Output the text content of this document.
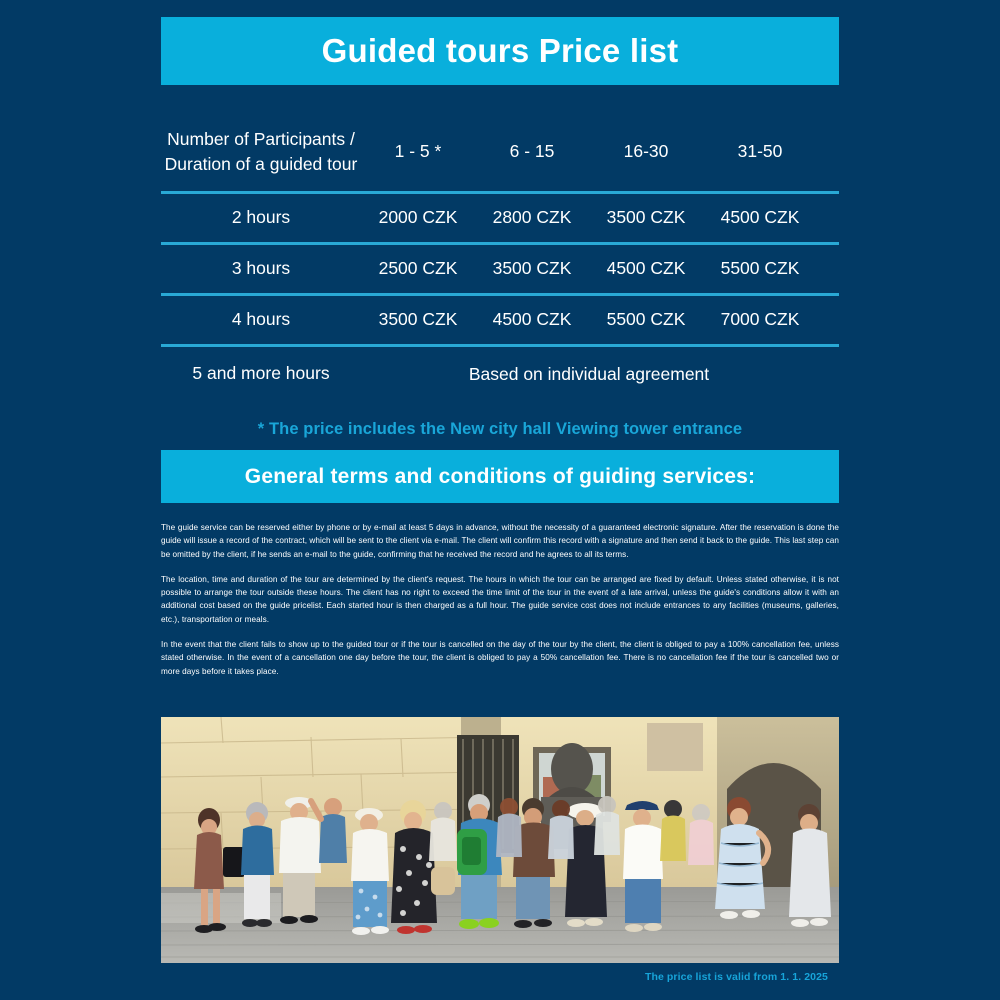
Guided tours Price list
Number of Participants / Duration of a guided tour
1 - 5 *	6 - 15	16-30	31-50
2 hours	2000 CZK	2800 CZK	3500 CZK	4500 CZK
3 hours	2500 CZK	3500 CZK	4500 CZK	5500 CZK
4 hours	3500 CZK	4500 CZK	5500 CZK	7000 CZK
5 and more hours	Based on individual agreement
* The price includes the New city hall Viewing tower entrance
General terms and conditions of guiding services:

The guide service can be reserved either by phone or by e-mail at least 5 days in advance, without the necessity of a guaranteed electronic signature. After the reservation is done the guide will issue a record of the contract, which will be sent to the client via e-mail. The client will confirm this record with a signature and then send it back to the guide. This last step can be omitted by the client, if he sends an e-mail to the guide, confirming that he received the record and he agrees to all its terms.

The location, time and duration of the tour are determined by the client's request. The hours in which the tour can be arranged are fixed by default. Unless stated otherwise, it is not possible to arrange the tour outside these hours. The client has no right to exceed the time limit of the tour in the event of a late arrival, unless the guide's conditions allow it with an additional cost based on the guide pricelist. Each started hour is then charged as a full hour. The guide service cost does not include entrances to any facilities (museums, galleries, etc.), transportation or meals.

In the event that the client fails to show up to the guided tour or if the tour is cancelled on the day of the tour by the client, the client is obliged to pay a 100% cancellation fee, unless stated otherwise. In the event of a cancellation one day before the tour, the client is obliged to pay a 50% cancellation fee. There is no cancellation fee if the tour is cancelled two or more days before it takes place.

The price list is valid from 1. 1. 2025
